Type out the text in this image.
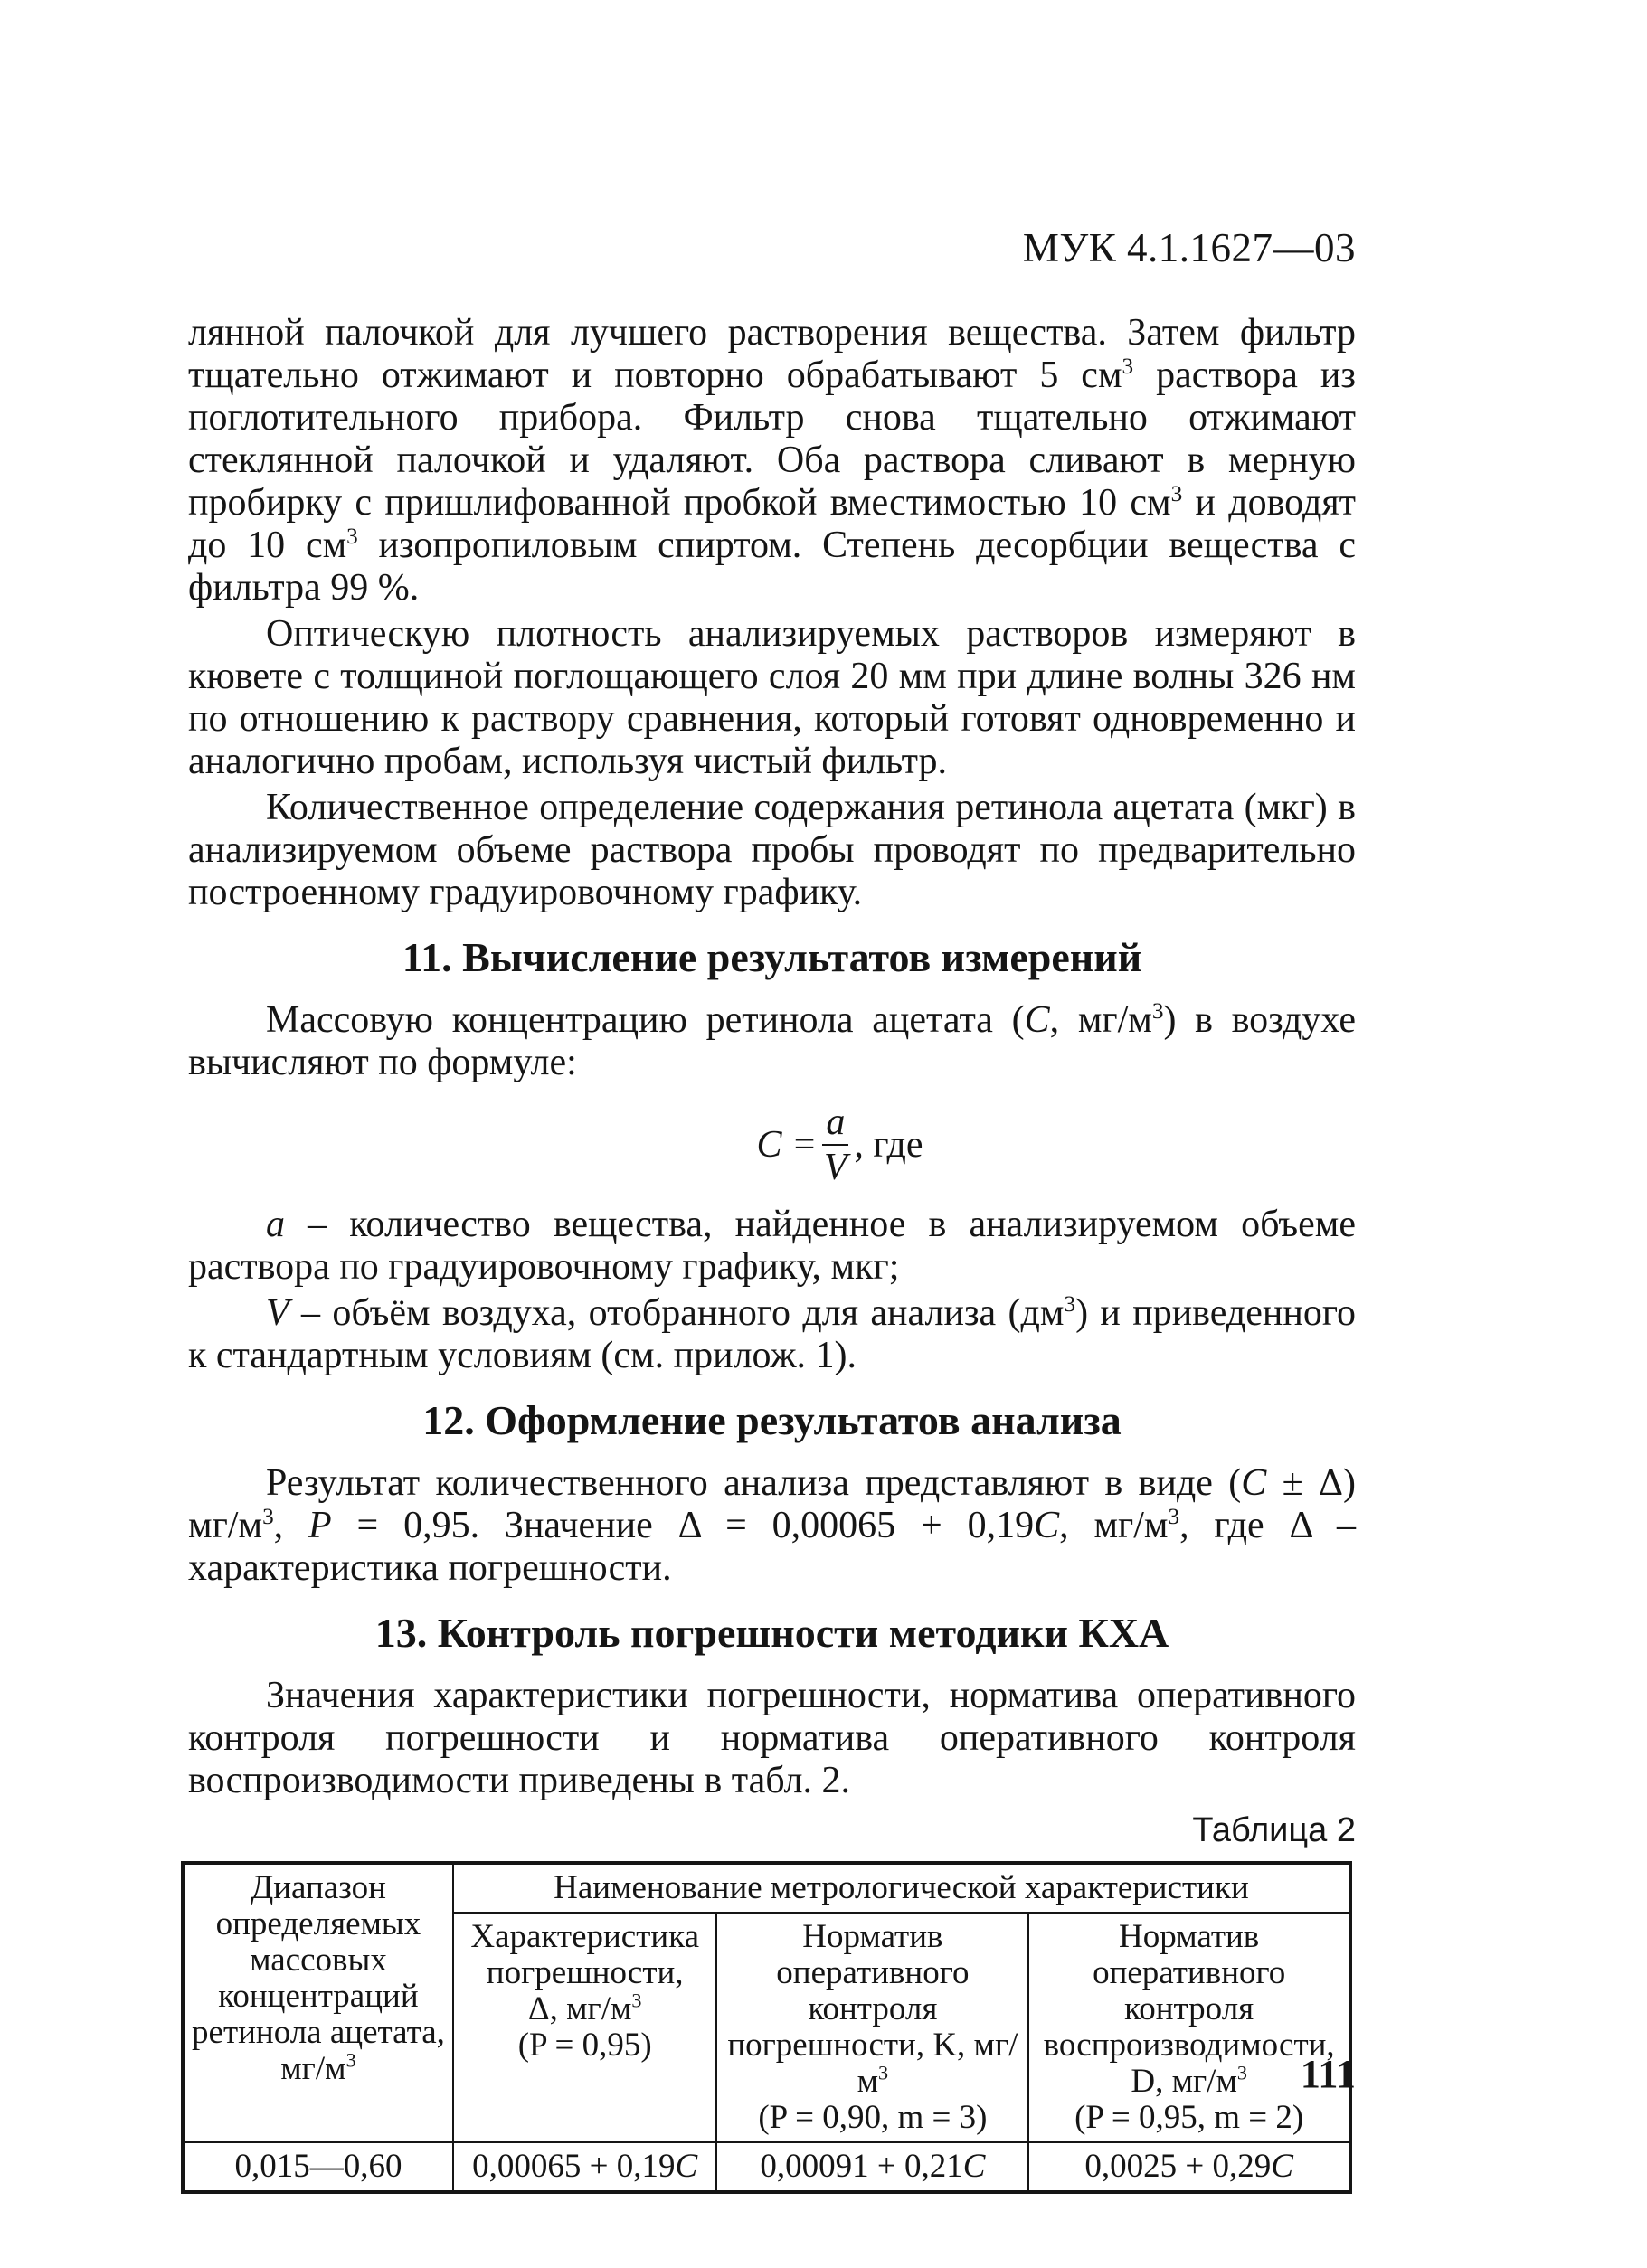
МУК 4.1.1627—03

лянной палочкой для лучшего растворения вещества. Затем фильтр тщательно отжимают и повторно обрабатывают 5 $см^3$ раствора из поглотительного прибора. Фильтр снова тщательно отжимают стеклянной палочкой и удаляют. Оба раствора сливают в мерную пробирку с пришлифованной пробкой вместимостью 10 $см^3$ и доводят до 10 $см^3$ изопропиловым спиртом. Степень десорбции вещества с фильтра 99 %.

Оптическую плотность анализируемых растворов измеряют в кювете с толщиной поглощающего слоя 20 мм при длине волны 326 нм по отношению к раствору сравнения, который готовят одновременно и аналогично пробам, используя чистый фильтр.

Количественное определение содержания ретинола ацетата (мкг) в анализируемом объеме раствора пробы проводят по предварительно построенному градуировочному графику.

11. Вычисление результатов измерений

Массовую концентрацию ретинола ацетата (C, $мг/м^3$) в воздухе вычисляют по формуле:

$C = \frac{a}{V}$ , где

a – количество вещества, найденное в анализируемом объеме раствора по градуировочному графику, мкг;

V – объём воздуха, отобранного для анализа $(дм^3)$ и приведенного к стандартным условиям (см. прилож. 1).

12. Оформление результатов анализа

Результат количественного анализа представляют в виде (C ± Δ) $мг/м^3$, P = 0,95. Значение Δ = 0,00065 + 0,19C, $мг/м^3$, где Δ – характеристика погрешности.

13. Контроль погрешности методики КХА

Значения характеристики погрешности, норматива оперативного контроля погрешности и норматива оперативного контроля воспроизводимости приведены в табл. 2.

Таблица 2
Диапазон определяемых массовых концентраций ретинола ацетата, $мг/м^3$	Наименование метрологической характеристики		
	Характеристика погрешности,
Δ, $мг/м^3$
(P = 0,95)	Норматив оперативного контроля погрешности, K, $мг/м^3$
(P = 0,90, m = 3)	Норматив оперативного контроля воспроизводимости,
D, $мг/м^3$
(P = 0,95, m = 2)
0,015—0,60	0,00065 + 0,19C	0,00091 + 0,21C	0,0025 + 0,29C
111
